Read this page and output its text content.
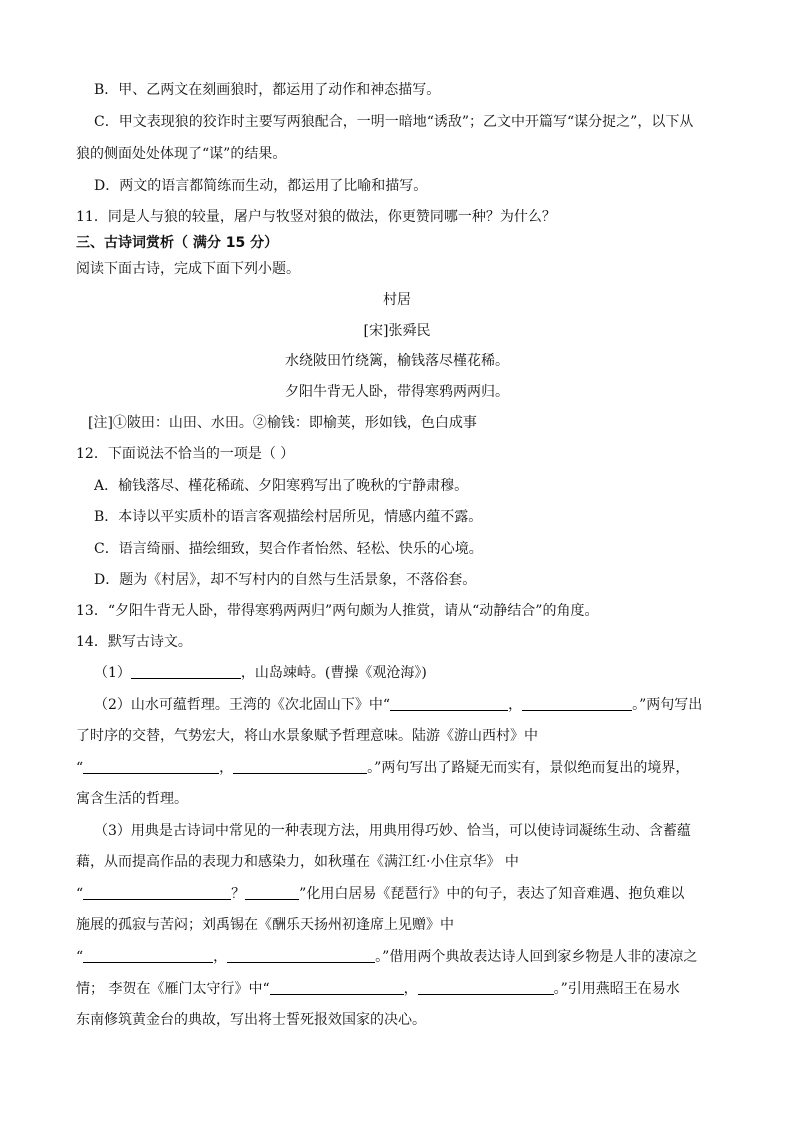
B．甲、乙两文在刻画狼时，都运用了动作和神态描写。
C．甲文表现狼的狡诈时主要写两狼配合，一明一暗地“诱敌”；乙文中开篇写“谋分捉之”，以下从
狼的侧面处处体现了“谋”的结果。
D．两文的语言都简练而生动，都运用了比喻和描写。
11．同是人与狼的较量，屠户与牧竖对狼的做法，你更赞同哪一种？为什么？
三、古诗词赏析（ 满分 15 分）
阅读下面古诗，完成下面下列小题。
村居
[宋]张舜民
水绕陂田竹绕篱，榆钱落尽槿花稀。
夕阳牛背无人卧，带得寒鸦两两归。
[注]①陂田：山田、水田。②榆钱：即榆荚，形如钱，色白成事
12．下面说法不恰当的一项是（ ）
A．榆钱落尽、槿花稀疏、夕阳寒鸦写出了晚秋的宁静肃穆。
B．本诗以平实质朴的语言客观描绘村居所见，情感内蕴不露。
C．语言绮丽、描绘细致，契合作者怡然、轻松、快乐的心境。
D．题为《村居》，却不写村内的自然与生活景象，不落俗套。
13．“夕阳牛背无人卧，带得寒鸦两两归”两句颇为人推赏，请从“动静结合”的角度。
14．默写古诗文。
（1）	，山岛竦峙。(曹操《观沧海》)
（2）山水可蕴哲理。王湾的《次北固山下》中“	，	。”两句写出
了时序的交替，气势宏大，将山水景象赋予哲理意味。陆游《游山西村》中
“	，	。”两句写出了路疑无而实有，景似绝而复出的境界，
寓含生活的哲理。
（3）用典是古诗词中常见的一种表现方法，用典用得巧妙、恰当，可以使诗词凝练生动、含蓄蕴
藉，从而提高作品的表现力和感染力，如秋瑾在《满江红·小住京华》 中
“	？	”化用白居易《琵琶行》中的句子，表达了知音难遇、抱负难以
施展的孤寂与苦闷；刘禹锡在《酬乐天扬州初逢席上见赠》中
“	，	。”借用两个典故表达诗人回到家乡物是人非的凄凉之
情； 李贺在《雁门太守行》中“	，	。”引用燕昭王在易水
东南修筑黄金台的典故，写出将士誓死报效国家的决心。
